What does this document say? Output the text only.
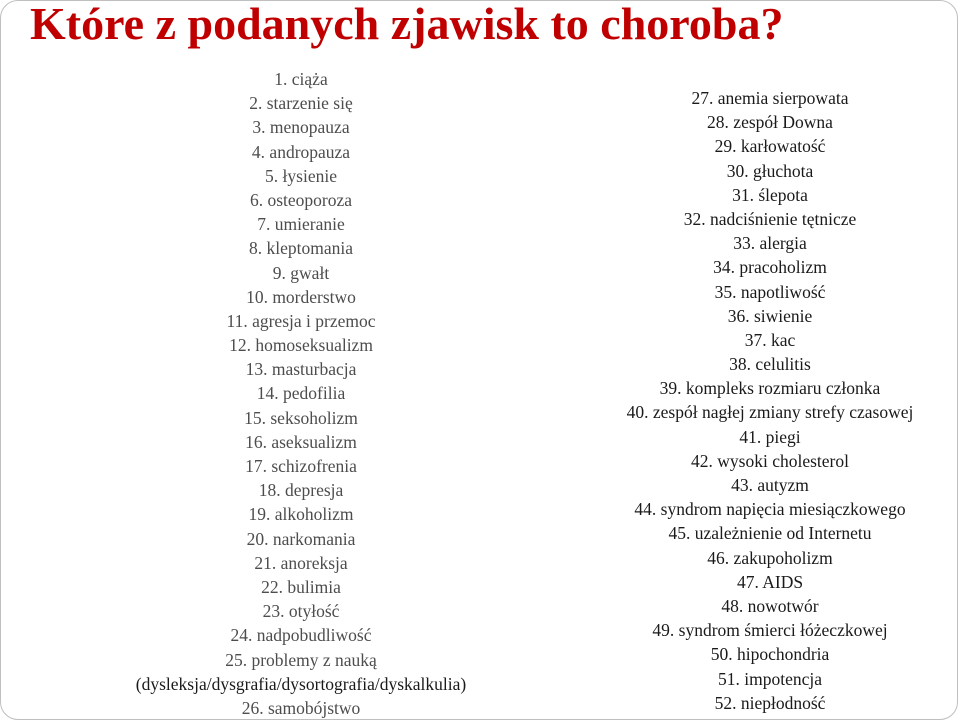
Które z podanych zjawisk to choroba?
1. ciąża
2. starzenie się
3. menopauza
4. andropauza
5. łysienie
6. osteoporoza
7. umieranie
8. kleptomania
9. gwałt
10. morderstwo
11. agresja i przemoc
12. homoseksualizm
13. masturbacja
14. pedofilia
15. seksoholizm
16. aseksualizm
17. schizofrenia
18. depresja
19. alkoholizm
20. narkomania
21. anoreksja
22. bulimia
23. otyłość
24. nadpobudliwość
25. problemy z nauką
(dysleksja/dysgrafia/dysortografia/dyskalkulia)
26. samobójstwo
27. anemia sierpowata
28. zespół Downa
29. karłowatość
30. głuchota
31. ślepota
32. nadciśnienie tętnicze
33. alergia
34. pracoholizm
35. napotliwość
36. siwienie
37. kac
38. celulitis
39. kompleks rozmiaru członka
40. zespół nagłej zmiany strefy czasowej
41. piegi
42. wysoki cholesterol
43. autyzm
44. syndrom napięcia miesiączkowego
45. uzależnienie od Internetu
46. zakupoholizm
47. AIDS
48. nowotwór
49. syndrom śmierci łóżeczkowej
50. hipochondria
51. impotencja
52. niepłodność
